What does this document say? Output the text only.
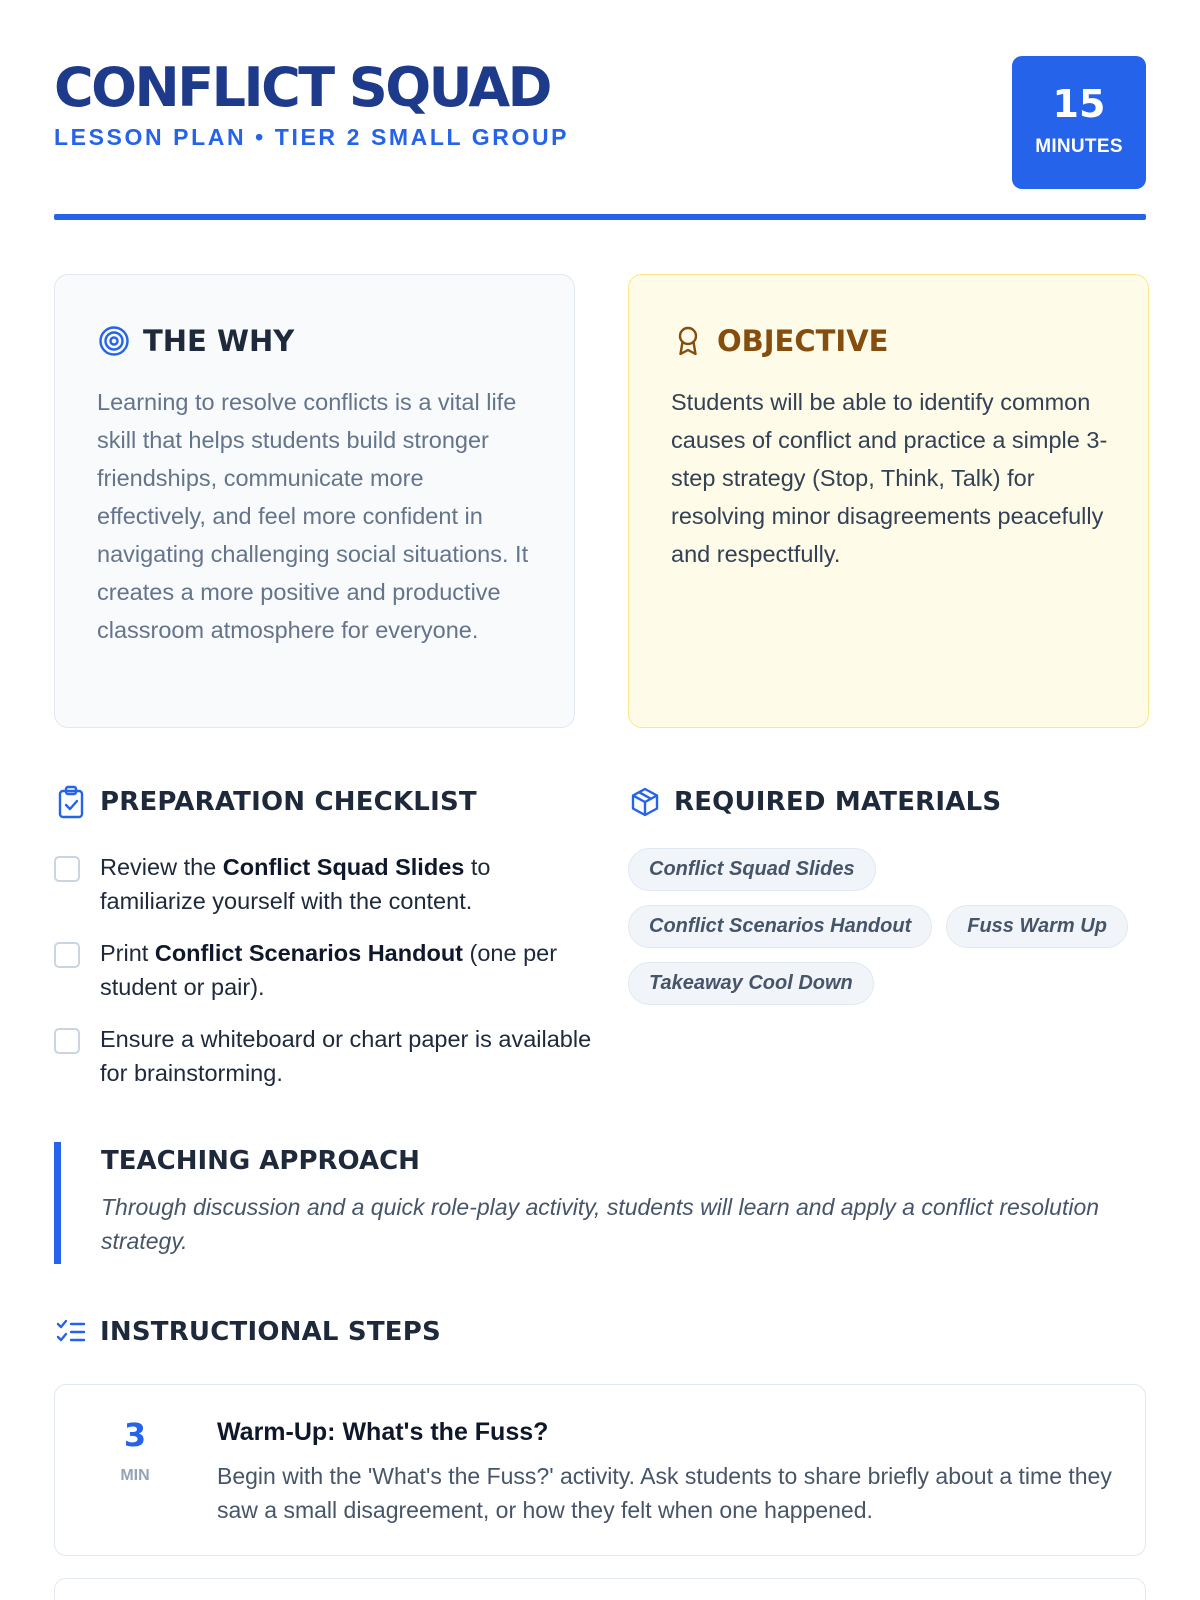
CONFLICT SQUAD
LESSON PLAN • TIER 2 SMALL GROUP
15
MINUTES
THE WHY
Learning to resolve conflicts is a vital life skill that helps students build stronger friendships, communicate more effectively, and feel more confident in navigating challenging social situations. It creates a more positive and productive classroom atmosphere for everyone.
OBJECTIVE
Students will be able to identify common causes of conflict and practice a simple 3-step strategy (Stop, Think, Talk) for resolving minor disagreements peacefully and respectfully.
PREPARATION CHECKLIST
Review the Conflict Squad Slides to familiarize yourself with the content.
Print Conflict Scenarios Handout (one per student or pair).
Ensure a whiteboard or chart paper is available for brainstorming.
REQUIRED MATERIALS
Conflict Squad Slides
Conflict Scenarios Handout	Fuss Warm Up
Takeaway Cool Down
TEACHING APPROACH
Through discussion and a quick role-play activity, students will learn and apply a conflict resolution strategy.
INSTRUCTIONAL STEPS
3
MIN
Warm-Up: What's the Fuss?
Begin with the 'What's the Fuss?' activity. Ask students to share briefly about a time they saw a small disagreement, or how they felt when one happened.
